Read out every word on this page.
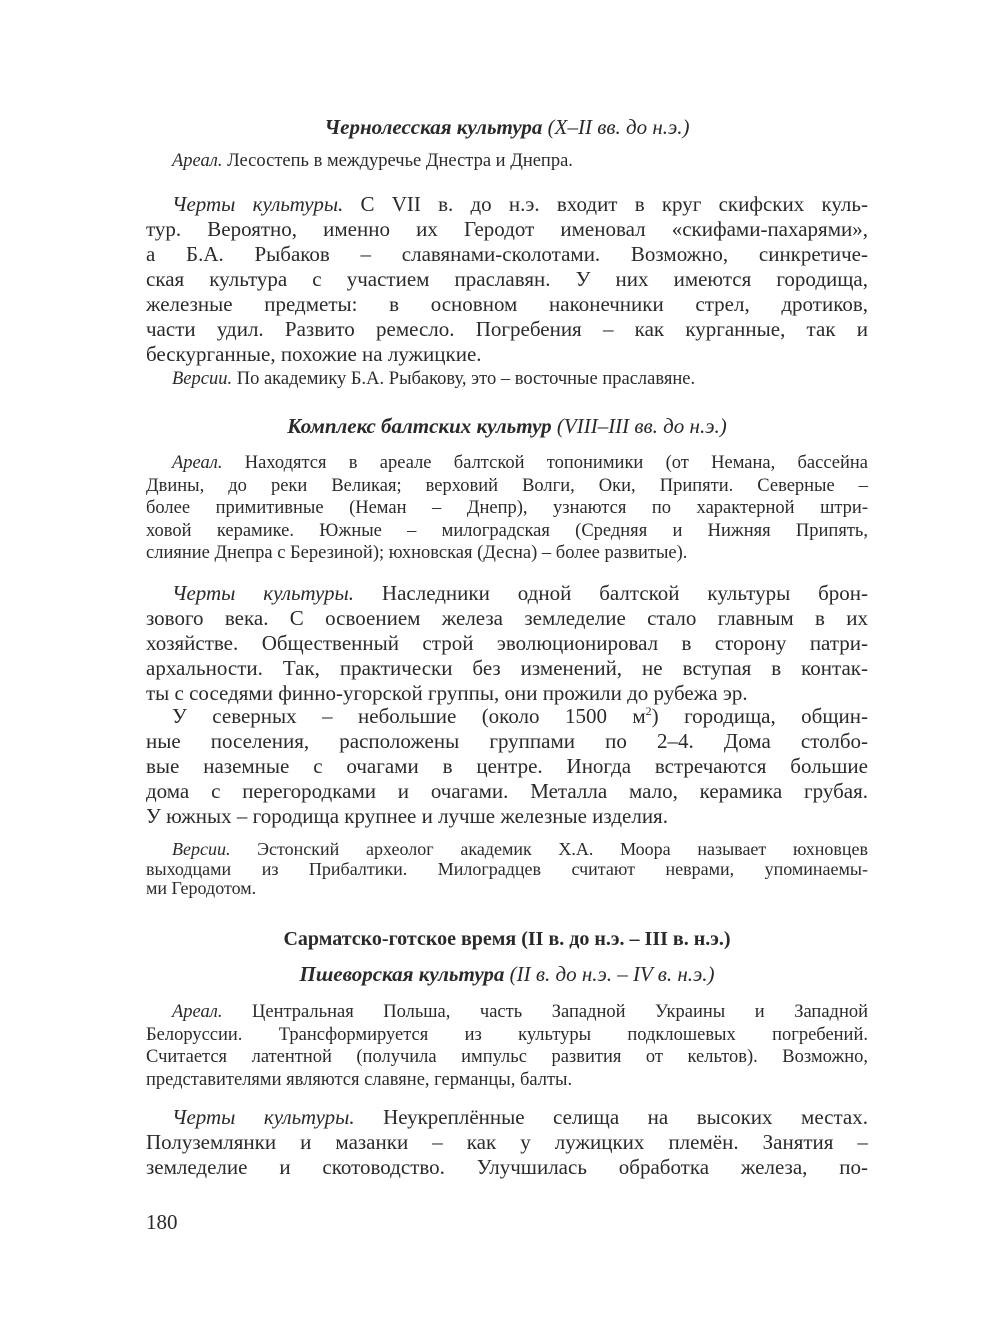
Чернолесская культура (X–II вв. до н.э.)
Комплекс балтских культур (VIII–III вв. до н.э.)
Сарматско-готское время (II в. до н.э. – III в. н.э.)
Пшеворская культура (II в. до н.э. – IV в. н.э.)
Ареал. Лесостепь в междуречье Днестра и Днепра.
Черты культуры. С VII в. до н.э. входит в круг скифских куль-
тур. Вероятно, именно их Геродот именовал «скифами-пахарями»,
а Б.А. Рыбаков – славянами-сколотами. Возможно, синкретиче-
ская культура с участием праславян. У них имеются городища,
железные предметы: в основном наконечники стрел, дротиков,
части удил. Развито ремесло. Погребения – как курганные, так и
бескурганные, похожие на лужицкие.
Версии. По академику Б.А. Рыбакову, это – восточные праславяне.
Ареал. Находятся в ареале балтской топонимики (от Немана, бассейна
Двины, до реки Великая; верховий Волги, Оки, Припяти. Северные –
более примитивные (Неман – Днепр), узнаются по характерной штри-
ховой керамике. Южные – милоградская (Средняя и Нижняя Припять,
слияние Днепра с Березиной); юхновская (Десна) – более развитые).
Черты культуры. Наследники одной балтской культуры брон-
зового века. С освоением железа земледелие стало главным в их
хозяйстве. Общественный строй эволюционировал в сторону патри-
архальности. Так, практически без изменений, не вступая в контак-
ты с соседями финно-угорской группы, они прожили до рубежа эр.
У северных – небольшие (около 1500 $м^2$) городища, общин-
ные поселения, расположены группами по 2–4. Дома столбо-
вые наземные с очагами в центре. Иногда встречаются большие
дома с перегородками и очагами. Металла мало, керамика грубая.
У южных – городища крупнее и лучше железные изделия.
Версии. Эстонский археолог академик Х.А. Моора называет юхновцев
выходцами из Прибалтики. Милоградцев считают неврами, упоминаемы-
ми Геродотом.
Ареал. Центральная Польша, часть Западной Украины и Западной
Белоруссии. Трансформируется из культуры подклошевых погребений.
Считается латентной (получила импульс развития от кельтов). Возможно,
представителями являются славяне, германцы, балты.
Черты культуры. Неукреплённые селища на высоких местах.
Полуземлянки и мазанки – как у лужицких племён. Занятия –
земледелие и скотоводство. Улучшилась обработка железа, по-
180
